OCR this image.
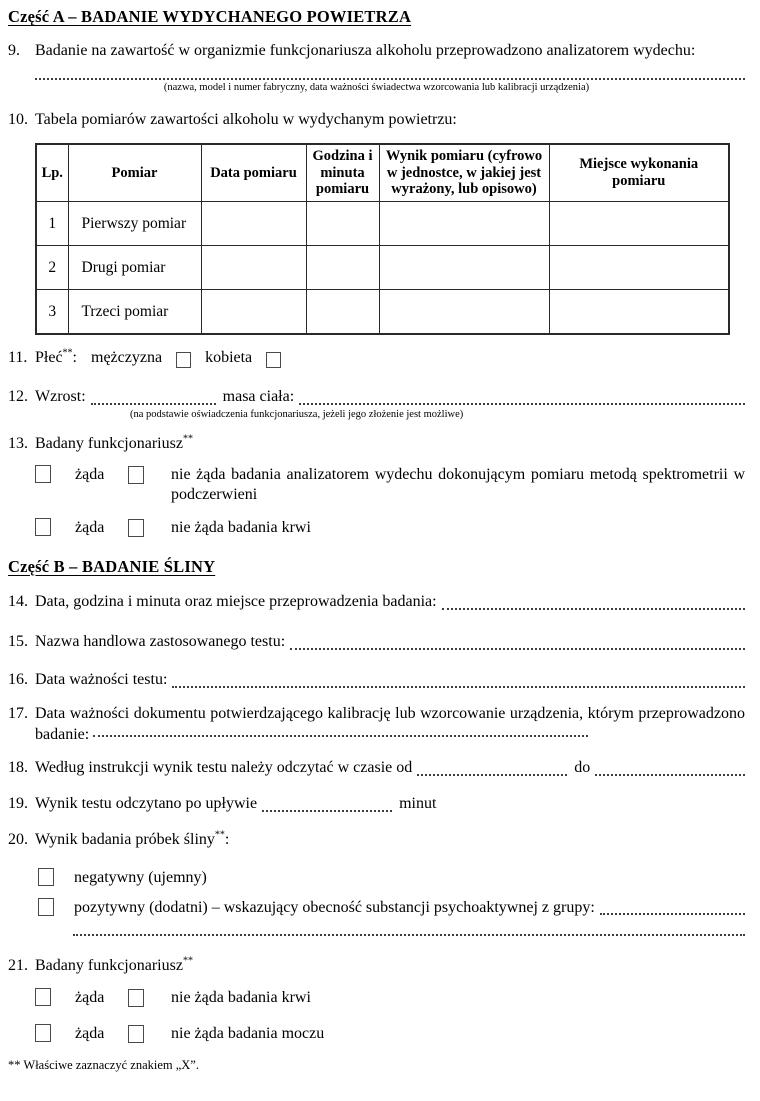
Część A – BADANIE WYDYCHANEGO POWIETRZA
9. Badanie na zawartość w organizmie funkcjonariusza alkoholu przeprowadzono analizatorem wydechu:
(nazwa, model i numer fabryczny, data ważności świadectwa wzorcowania lub kalibracji urządzenia)
10. Tabela pomiarów zawartości alkoholu w wydychanym powietrzu:
Lp.	Pomiar	Data pomiaru	Godzina i minuta pomiaru	Wynik pomiaru (cyfrowo w jednostce, w jakiej jest wyrażony, lub opisowo)	Miejsce wykonania pomiaru
1	Pierwszy pomiar				
2	Drugi pomiar				
3	Trzeci pomiar				
11. Płeć**: mężczyzna	kobieta
12. Wzrost:	masa ciała:
(na podstawie oświadczenia funkcjonariusza, jeżeli jego złożenie jest możliwe)
13. Badany funkcjonariusz**
żąda	nie żąda badania analizatorem wydechu dokonującym pomiaru metodą spektrometrii w podczerwieni
żąda	nie żąda badania krwi
Część B – BADANIE ŚLINY
14. Data, godzina i minuta oraz miejsce przeprowadzenia badania:
15. Nazwa handlowa zastosowanego testu:
16. Data ważności testu:
17. Data ważności dokumentu potwierdzającego kalibrację lub wzorcowanie urządzenia, którym przeprowadzono badanie:
18. Według instrukcji wynik testu należy odczytać w czasie od	do
19. Wynik testu odczytano po upływie	minut
20. Wynik badania próbek śliny**:
negatywny (ujemny)
pozytywny (dodatni) – wskazujący obecność substancji psychoaktywnej z grupy:
21. Badany funkcjonariusz**
żąda	nie żąda badania krwi
żąda	nie żąda badania moczu
** Właściwe zaznaczyć znakiem „X”.
